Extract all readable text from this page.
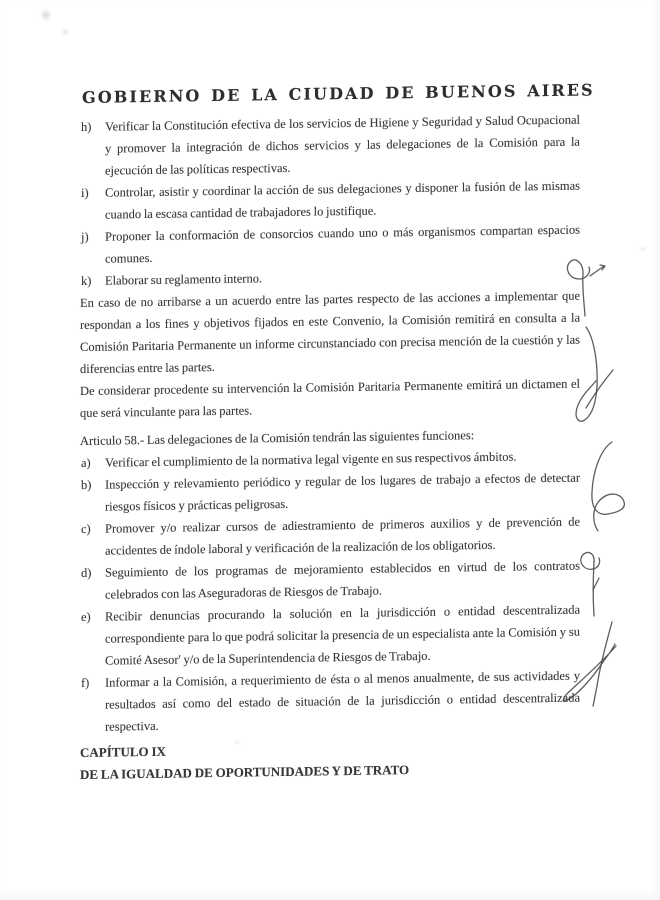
GOBIERNO DE LA CIUDAD DE BUENOS AIRES
h) Verificar la Constitución efectiva de los servicios de Higiene y Seguridad y Salud Ocupacional y promover la integración de dichos servicios y las delegaciones de la Comisión para la ejecución de las políticas respectivas.
i) Controlar, asistir y coordinar la acción de sus delegaciones y disponer la fusión de las mismas cuando la escasa cantidad de trabajadores lo justifique.
j) Proponer la conformación de consorcios cuando uno o más organismos compartan espacios comunes.
k) Elaborar su reglamento interno.
En caso de no arribarse a un acuerdo entre las partes respecto de las acciones a implementar que respondan a los fines y objetivos fijados en este Convenio, la Comisión remitirá en consulta a la Comisión Paritaria Permanente un informe circunstanciado con precisa mención de la cuestión y las diferencias entre las partes.
De considerar procedente su intervención la Comisión Paritaria Permanente emitirá un dictamen el que será vinculante para las partes.
Articulo 58.- Las delegaciones de la Comisión tendrán las siguientes funciones:
a) Verificar el cumplimiento de la normativa legal vigente en sus respectivos ámbitos.
b) Inspección y relevamiento periódico y regular de los lugares de trabajo a efectos de detectar riesgos físicos y prácticas peligrosas.
c) Promover y/o realizar cursos de adiestramiento de primeros auxilios y de prevención de accidentes de índole laboral y verificación de la realización de los obligatorios.
d) Seguimiento de los programas de mejoramiento establecidos en virtud de los contratos celebrados con las Aseguradoras de Riesgos de Trabajo.
e) Recibir denuncias procurando la solución en la jurisdicción o entidad descentralizada correspondiente para lo que podrá solicitar la presencia de un especialista ante la Comisión y su Comité Asesor' y/o de la Superintendencia de Riesgos de Trabajo.
f) Informar a la Comisión, a requerimiento de ésta o al menos anualmente, de sus actividades y resultados así como del estado de situación de la jurisdicción o entidad descentralizada respectiva.
CAPÍTULO IX
DE LA IGUALDAD DE OPORTUNIDADES Y DE TRATO
